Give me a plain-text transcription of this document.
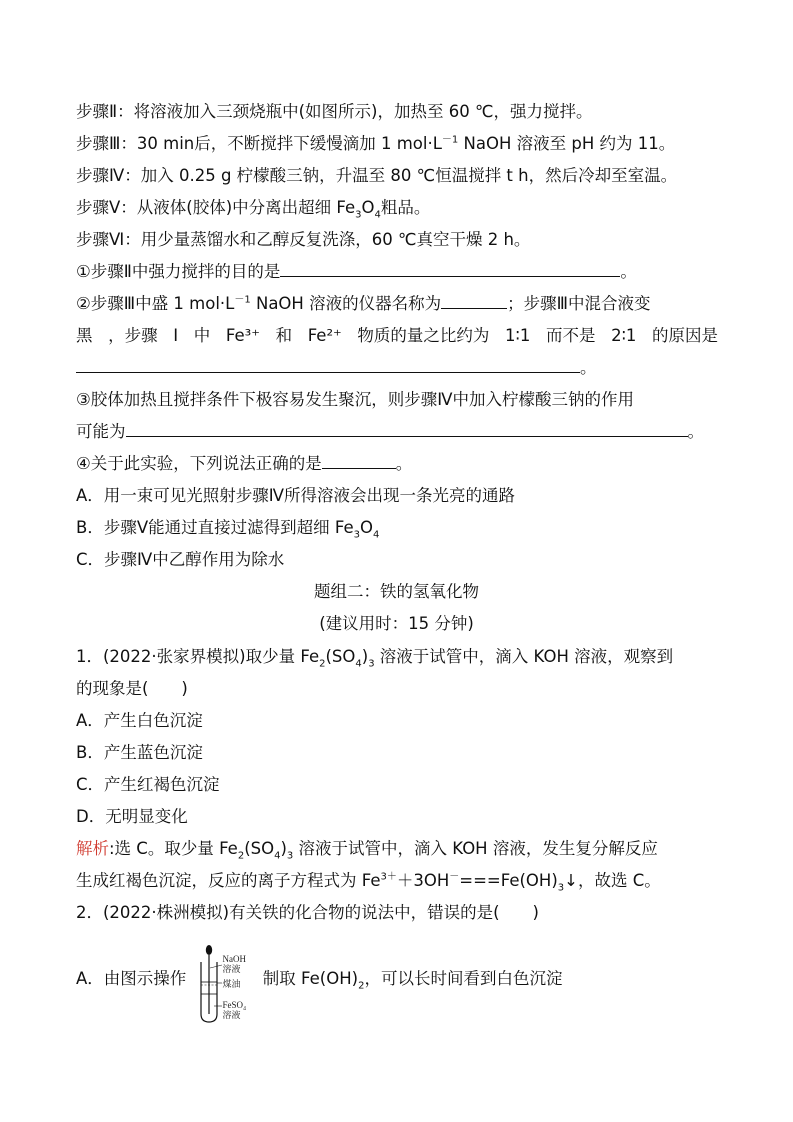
步骤Ⅱ：将溶液加入三颈烧瓶中(如图所示)，加热至 60 ℃，强力搅拌。
步骤Ⅲ：30 min后，不断搅拌下缓慢滴加 1 $mol\cdot L^{-1}$ NaOH 溶液至 pH 约为 11。
步骤Ⅳ：加入 0.25 g 柠檬酸三钠，升温至 80 ℃恒温搅拌 t h，然后冷却至室温。
步骤Ⅴ：从液体(胶体)中分离出超细 $Fe_3O_4$粗品。
步骤Ⅵ：用少量蒸馏水和乙醇反复洗涤，60 ℃真空干燥 2 h。
①步骤Ⅱ中强力搅拌的目的是	。
②步骤Ⅲ中盛 1 $mol\cdot L^{-1}$ NaOH 溶液的仪器名称为	；步骤Ⅲ中混合液变
黑 ，步骤 Ⅰ 中 Fe³⁺ 和 Fe²⁺ 物质的量之比约为 1∶1 而不是 2∶1 的原因是
。
③胶体加热且搅拌条件下极容易发生聚沉，则步骤Ⅳ中加入柠檬酸三钠的作用
可能为	。
④关于此实验，下列说法正确的是	。
A．用一束可见光照射步骤Ⅳ所得溶液会出现一条光亮的通路
B．步骤Ⅴ能通过直接过滤得到超细 $Fe_3O_4$
C．步骤Ⅳ中乙醇作用为除水
题组二：铁的氢氧化物
(建议用时：15 分钟)
1．(2022·张家界模拟)取少量 $Fe_2(SO_4)_3$ 溶液于试管中，滴入 KOH 溶液，观察到
的现象是(　　)
A．产生白色沉淀
B．产生蓝色沉淀
C．产生红褐色沉淀
D．无明显变化
解析:选 C。取少量 $Fe_2(SO_4)_3$ 溶液于试管中，滴入 KOH 溶液，发生复分解反应
生成红褐色沉淀，反应的离子方程式为 $Fe^{3+}+3OH^-===Fe(OH)_3↓$，故选 C。
2．(2022·株洲模拟)有关铁的化合物的说法中，错误的是(　　)
A．由图示操作
NaOH
溶液
煤油
FeSO₄
溶液
制取 $Fe(OH)_2$，可以长时间看到白色沉淀
